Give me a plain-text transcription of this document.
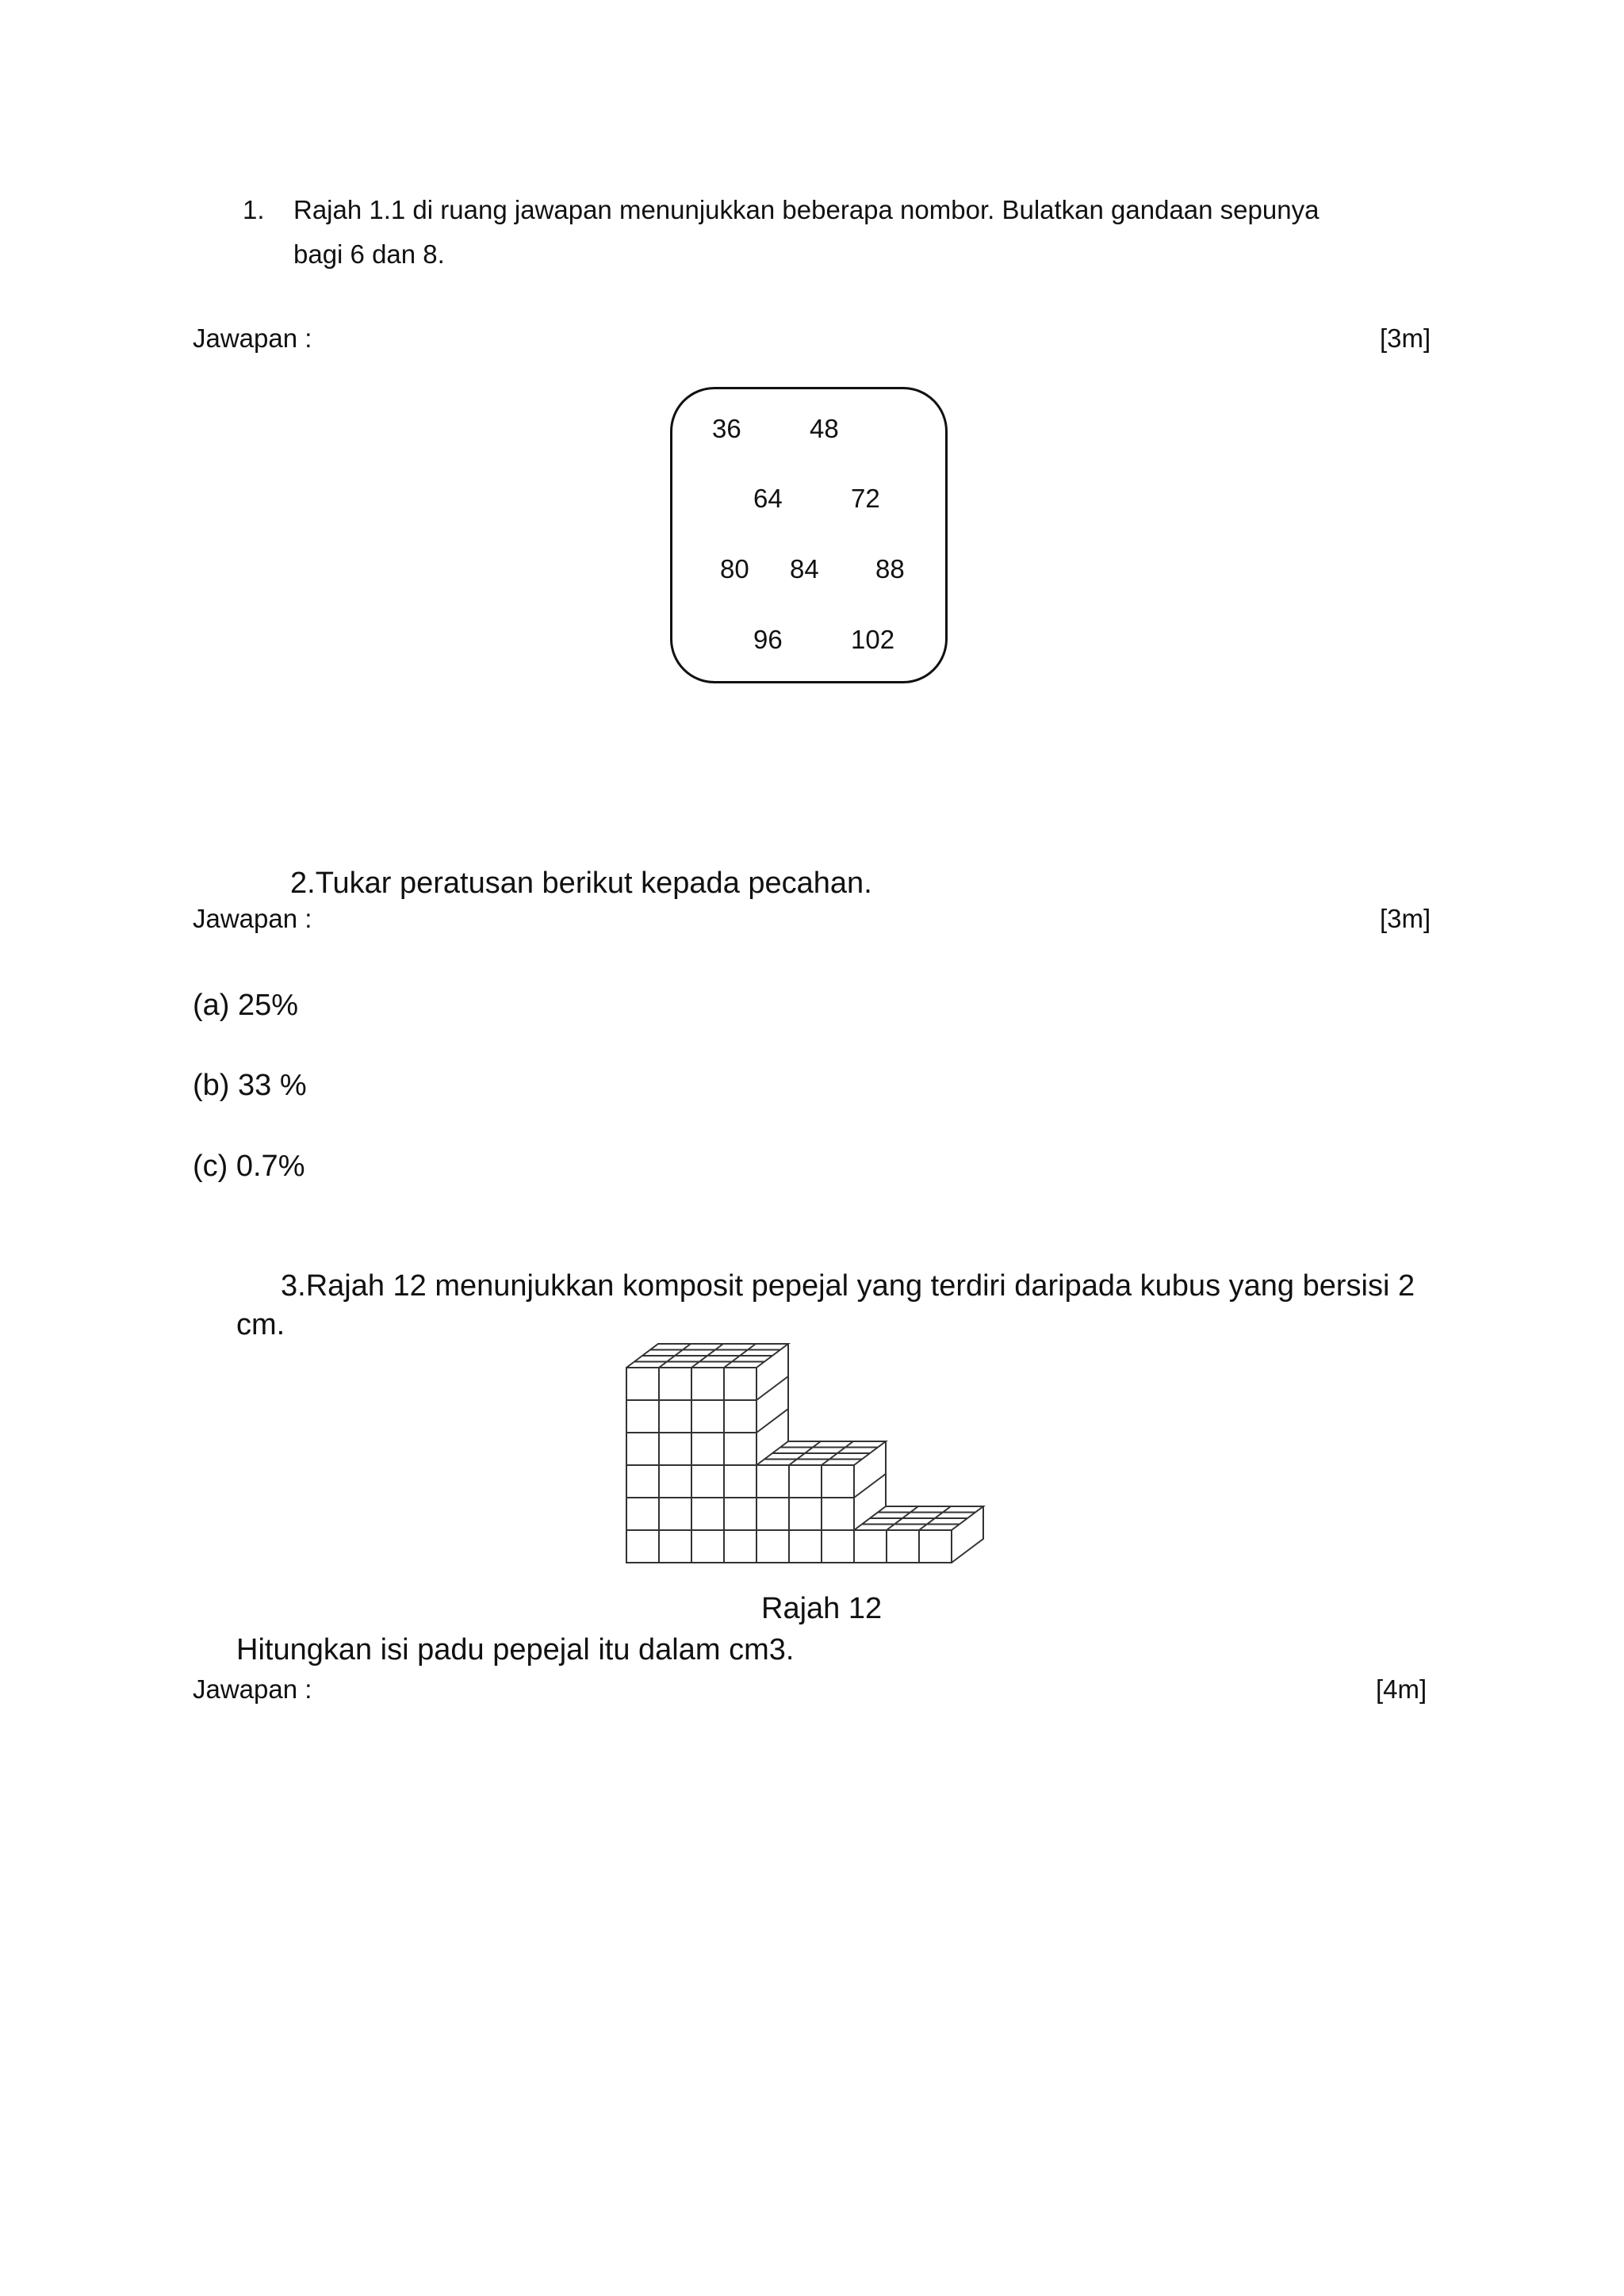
1. Rajah 1.1 di ruang jawapan menunjukkan beberapa nombor. Bulatkan gandaan sepunya
bagi 6 dan 8.
Jawapan :	[3m]
36	48
64	72
80 84 88
96	102
2.Tukar peratusan berikut kepada pecahan.
Jawapan :	[3m]
(a) 25%
(b) 33 %
(c) 0.7%
3.Rajah 12 menunjukkan komposit pepejal yang terdiri daripada kubus yang bersisi 2
cm.
Rajah 12
Hitungkan isi padu pepejal itu dalam cm3.
Jawapan :	[4m]
